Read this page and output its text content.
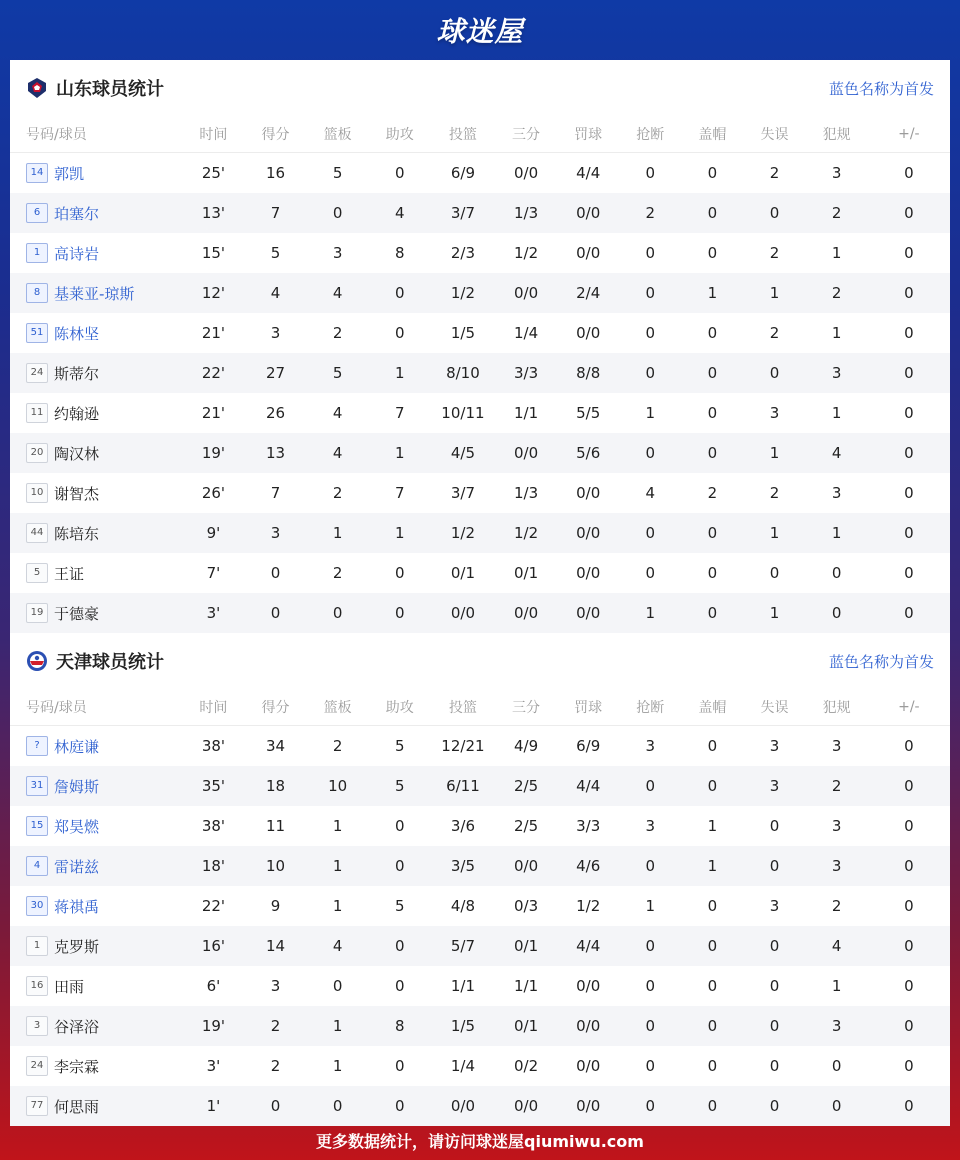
球迷屋
山东球员统计	蓝色名称为首发
号码/球员	时间	得分	篮板	助攻	投篮	三分	罚球	抢断	盖帽	失误	犯规	+/-
14 郭凯	25'	16	5	0	6/9	0/0	4/4	0	0	2	3	0
6 珀塞尔	13'	7	0	4	3/7	1/3	0/0	2	0	0	2	0
1 高诗岩	15'	5	3	8	2/3	1/2	0/0	0	0	2	1	0
8 基莱亚-琼斯	12'	4	4	0	1/2	0/0	2/4	0	1	1	2	0
51 陈林坚	21'	3	2	0	1/5	1/4	0/0	0	0	2	1	0
24 斯蒂尔	22'	27	5	1	8/10	3/3	8/8	0	0	0	3	0
11 约翰逊	21'	26	4	7	10/11	1/1	5/5	1	0	3	1	0
20 陶汉林	19'	13	4	1	4/5	0/0	5/6	0	0	1	4	0
10 谢智杰	26'	7	2	7	3/7	1/3	0/0	4	2	2	3	0
44 陈培东	9'	3	1	1	1/2	1/2	0/0	0	0	1	1	0
5 王证	7'	0	2	0	0/1	0/1	0/0	0	0	0	0	0
19 于德豪	3'	0	0	0	0/0	0/0	0/0	1	0	1	0	0
天津球员统计	蓝色名称为首发
号码/球员	时间	得分	篮板	助攻	投篮	三分	罚球	抢断	盖帽	失误	犯规	+/-
? 林庭谦	38'	34	2	5	12/21	4/9	6/9	3	0	3	3	0
31 詹姆斯	35'	18	10	5	6/11	2/5	4/4	0	0	3	2	0
15 郑昊燃	38'	11	1	0	3/6	2/5	3/3	3	1	0	3	0
4 雷诺兹	18'	10	1	0	3/5	0/0	4/6	0	1	0	3	0
30 蒋祺禹	22'	9	1	5	4/8	0/3	1/2	1	0	3	2	0
1 克罗斯	16'	14	4	0	5/7	0/1	4/4	0	0	0	4	0
16 田雨	6'	3	0	0	1/1	1/1	0/0	0	0	0	1	0
3 谷泽浴	19'	2	1	8	1/5	0/1	0/0	0	0	0	3	0
24 李宗霖	3'	2	1	0	1/4	0/2	0/0	0	0	0	0	0
77 何思雨	1'	0	0	0	0/0	0/0	0/0	0	0	0	0	0
更多数据统计，请访问球迷屋qiumiwu.com
